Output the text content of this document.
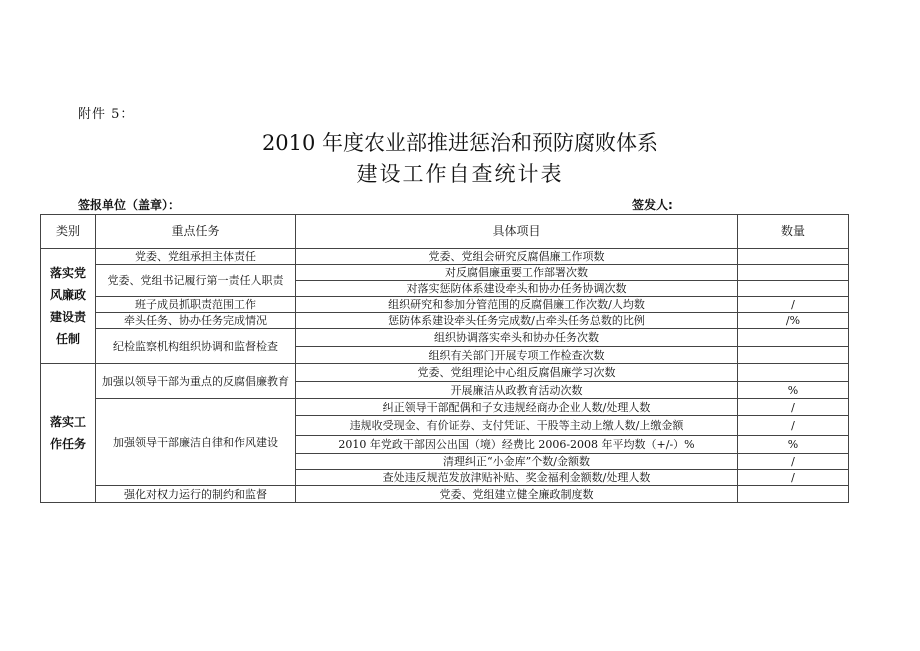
附件 5：
2010 年度农业部推进惩治和预防腐败体系
建设工作自查统计表
签报单位（盖章）：	签发人:
类别	重点任务	具体项目	数量
落实党风廉政建设责任制	党委、党组承担主体责任	党委、党组会研究反腐倡廉工作项数	
	党委、党组书记履行第一责任人职责	对反腐倡廉重要工作部署次数	
		对落实惩防体系建设牵头和协办任务协调次数	
	班子成员抓职责范围工作	组织研究和参加分管范围的反腐倡廉工作次数/人均数	/
	牵头任务、协办任务完成情况	惩防体系建设牵头任务完成数/占牵头任务总数的比例	/%
	纪检监察机构组织协调和监督检查	组织协调落实牵头和协办任务次数	
		组织有关部门开展专项工作检查次数	
落实工作任务	加强以领导干部为重点的反腐倡廉教育	党委、党组理论中心组反腐倡廉学习次数	
		开展廉洁从政教育活动次数	%
	加强领导干部廉洁自律和作风建设	纠正领导干部配偶和子女违规经商办企业人数/处理人数	/
		违规收受现金、有价证券、支付凭证、干股等主动上缴人数/上缴金额	/
		2010 年党政干部因公出国（境）经费比 2006-2008 年平均数（+/-）%	%
		清理纠正“小金库”个数/金额数	/
		查处违反规范发放津贴补贴、奖金福利金额数/处理人数	/
	强化对权力运行的制约和监督	党委、党组建立健全廉政制度数	
